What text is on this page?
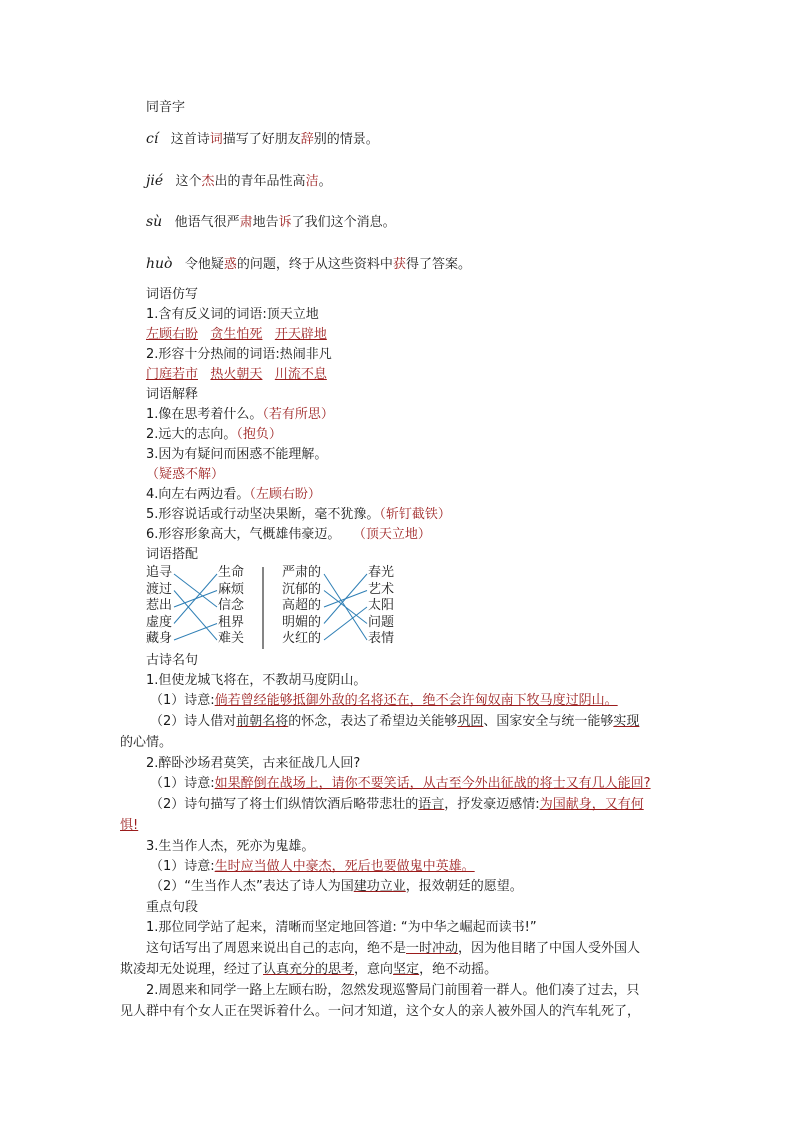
同音字
cí 这首诗词描写了好朋友辞别的情景。
jié 这个杰出的青年品性高洁。
sù 他语气很严肃地告诉了我们这个消息。
huò 令他疑惑的问题，终于从这些资料中获得了答案。
词语仿写
1.含有反义词的词语:顶天立地
左顾右盼 贪生怕死 开天辟地
2.形容十分热闹的词语:热闹非凡
门庭若市 热火朝天 川流不息
词语解释
1.像在思考着什么。（若有所思）
2.远大的志向。（抱负）
3.因为有疑问而困惑不能理解。
（疑惑不解）
4.向左右两边看。（左顾右盼）
5.形容说话或行动坚决果断，毫不犹豫。（斩钉截铁）
6.形容形象高大，气概雄伟豪迈。 （顶天立地）
词语搭配
追寻
渡过
惹出
虚度
藏身
生命
麻烦
信念
租界
难关
严肃的
沉郁的
高超的
明媚的
火红的
春光
艺术
太阳
问题
表情
古诗名句
1.但使龙城飞将在，不教胡马度阴山。
（1）诗意:倘若曾经能够抵御外敌的名将还在，绝不会许匈奴南下牧马度过阴山。
（2）诗人借对前朝名将的怀念，表达了希望边关能够巩固、国家安全与统一能够实现
的心情。
2.醉卧沙场君莫笑，古来征战几人回?
（1）诗意:如果醉倒在战场上，请你不要笑话，从古至今外出征战的将士又有几人能回?
（2）诗句描写了将士们纵情饮酒后略带悲壮的语言，抒发豪迈感情:为国献身，又有何
惧!
3.生当作人杰，死亦为鬼雄。
（1）诗意:生时应当做人中豪杰，死后也要做鬼中英雄。
（2）“生当作人杰”表达了诗人为国建功立业，报效朝廷的愿望。
重点句段
1.那位同学站了起来，清晰而坚定地回答道: “为中华之崛起而读书!”
这句话写出了周恩来说出自己的志向，绝不是一时冲动，因为他目睹了中国人受外国人
欺凌却无处说理，经过了认真充分的思考，意向坚定，绝不动摇。
2.周恩来和同学一路上左顾右盼，忽然发现巡警局门前围着一群人。他们凑了过去，只
见人群中有个女人正在哭诉着什么。一问才知道，这个女人的亲人被外国人的汽车轧死了，
